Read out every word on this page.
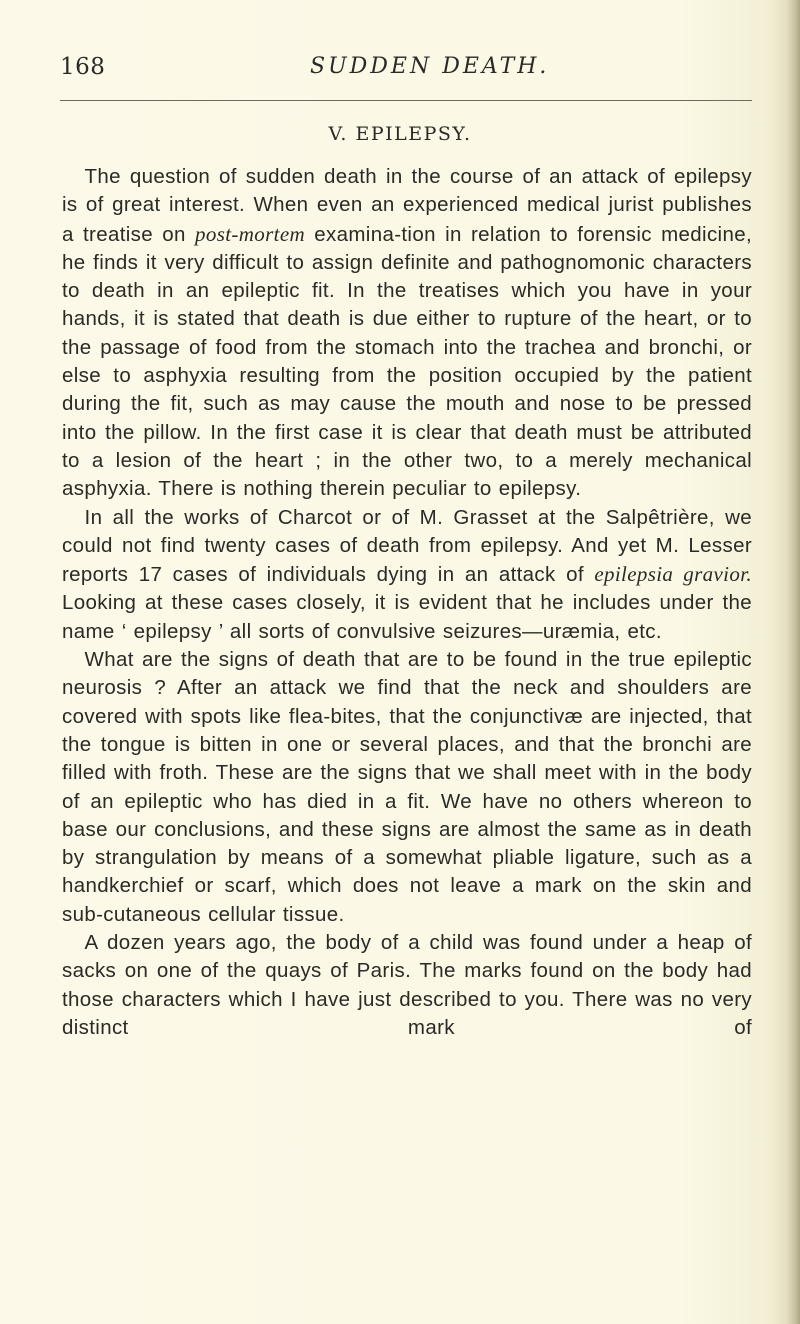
168	SUDDEN DEATH.
V. EPILEPSY.

The question of sudden death in the course of an attack of epilepsy is of great interest. When even an experienced medical jurist publishes a treatise on post-mortem examina-tion in relation to forensic medicine, he finds it very difficult to assign definite and pathognomonic characters to death in an epileptic fit. In the treatises which you have in your hands, it is stated that death is due either to rupture of the heart, or to the passage of food from the stomach into the trachea and bronchi, or else to asphyxia resulting from the position occupied by the patient during the fit, such as may cause the mouth and nose to be pressed into the pillow. In the first case it is clear that death must be attributed to a lesion of the heart ; in the other two, to a merely mechanical asphyxia. There is nothing therein peculiar to epilepsy.

In all the works of Charcot or of M. Grasset at the Salpêtrière, we could not find twenty cases of death from epilepsy. And yet M. Lesser reports 17 cases of individuals dying in an attack of epilepsia gravior. Looking at these cases closely, it is evident that he includes under the name ‘ epilepsy ’ all sorts of convulsive seizures—uræmia, etc.

What are the signs of death that are to be found in the true epileptic neurosis ? After an attack we find that the neck and shoulders are covered with spots like flea-bites, that the conjunctivæ are injected, that the tongue is bitten in one or several places, and that the bronchi are filled with froth. These are the signs that we shall meet with in the body of an epileptic who has died in a fit. We have no others whereon to base our conclusions, and these signs are almost the same as in death by strangulation by means of a somewhat pliable ligature, such as a handkerchief or scarf, which does not leave a mark on the skin and sub-cutaneous cellular tissue.

A dozen years ago, the body of a child was found under a heap of sacks on one of the quays of Paris. The marks found on the body had those characters which I have just described to you. There was no very distinct mark of
